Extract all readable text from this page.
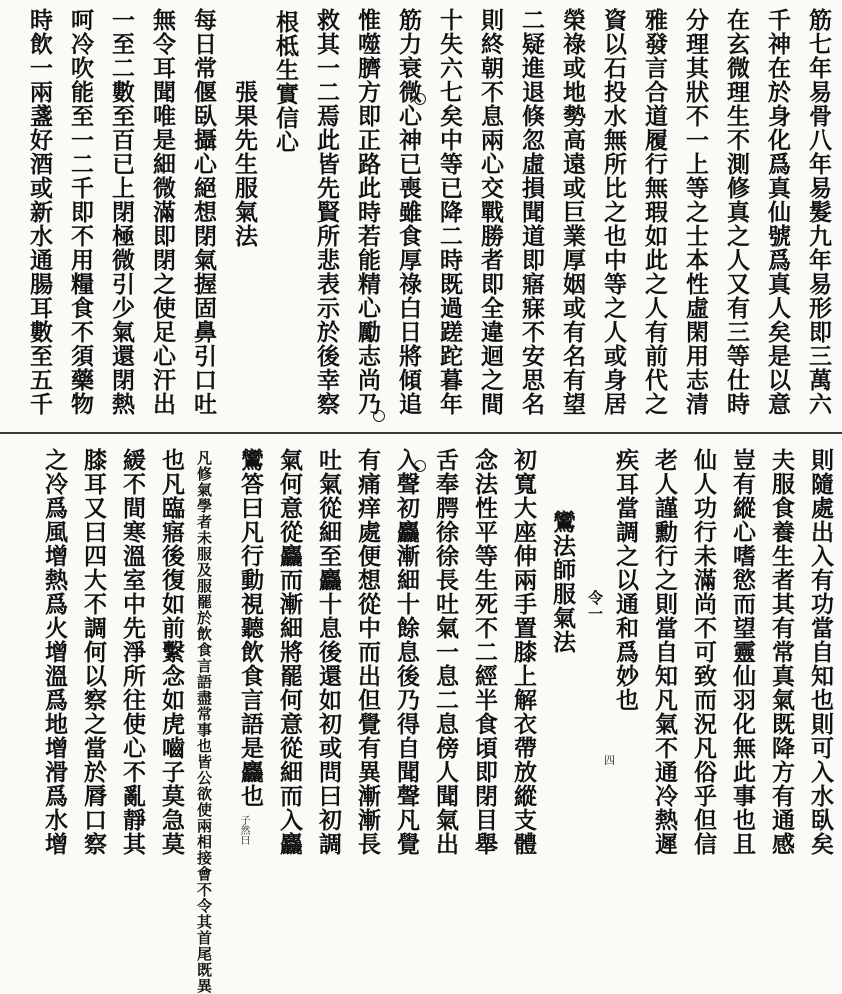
筋七年易骨八年易髮九年易形即三萬六
千神在於身化爲真仙號爲真人矣是以意
在玄微理生不測修真之人又有三等仕時
分理其狀不一上等之士本性虛閑用志清
雅發言合道履行無瑕如此之人有前代之
資以石投水無所比之也中等之人或身居
榮祿或地勢高遠或巨業厚姻或有名有望
二疑進退倏忽虛損聞道即寤寐不安思名
則終朝不息兩心交戰勝者即全違迴之間
十失六七矣中等已降二時既過蹉跎暮年
筋力衰微心神已喪雖食厚祿白日將傾追
惟噬臍方即正路此時若能精心勵志尚乃
救其一二焉此皆先賢所悲表示於後幸察
根柢生實信心
張果先生服氣法
每日常偃臥攝心絕想閉氣握固鼻引口吐
無令耳聞唯是細微滿即閉之使足心汗出
一至二數至百已上閉極微引少氣還閉熱
呵冷吹能至一二千即不用糧食不須藥物
時飲一兩盞好酒或新水通腸耳數至五千
則隨處出入有功當自知也則可入水臥矣
夫服食養生者其有常真氣既降方有通感
豈有縱心嗜慾而望靈仙羽化無此事也且
仙人功行未滿尚不可致而況凡俗乎但信
老人謹勳行之則當自知凡氣不通冷熱遲
疾耳當調之以通和爲妙也
令一
鸞法師服氣法
初寬大座伸兩手置膝上解衣帶放縱支體
念法性平等生死不二經半食頃即閉目舉
舌奉腭徐徐長吐氣一息二息傍人聞氣出
入聲初麤漸細十餘息後乃得自聞聲凡覺
有痛痒處便想從中而出但覺有異漸漸長
吐氣從細至麤十息後還如初或問曰初調
氣何意從麤而漸細將罷何意從細而入麤
鸞答曰凡行動視聽飲食言語是麤也
凡修氣學者未服及服罷於飲食言語盡常事也皆公欲使兩相接會不令其首尾既異
也凡臨寤後復如前繫念如虎嚙子莫急莫
緩不間寒溫室中先淨所往使心不亂靜其
膝耳又曰四大不調何以察之當於脣口察
之冷爲風增熱爲火增溫爲地增滑爲水增	四
子然曰
